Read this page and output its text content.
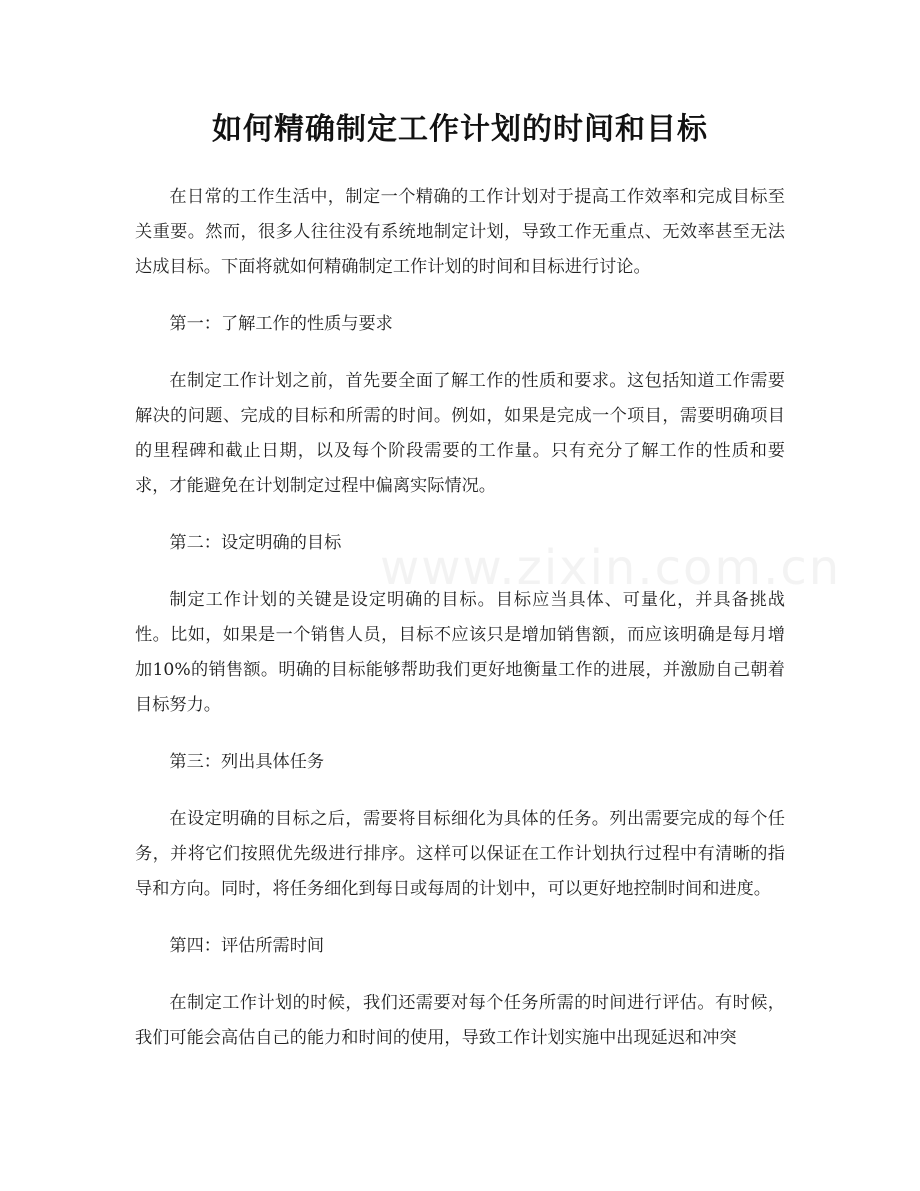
如何精确制定工作计划的时间和目标
www.zixin.com.cn

在日常的工作生活中，制定一个精确的工作计划对于提高工作效率和完成目标至关重要。然而，很多人往往没有系统地制定计划，导致工作无重点、无效率甚至无法达成目标。下面将就如何精确制定工作计划的时间和目标进行讨论。

第一：了解工作的性质与要求

在制定工作计划之前，首先要全面了解工作的性质和要求。这包括知道工作需要解决的问题、完成的目标和所需的时间。例如，如果是完成一个项目，需要明确项目的里程碑和截止日期，以及每个阶段需要的工作量。只有充分了解工作的性质和要求，才能避免在计划制定过程中偏离实际情况。

第二：设定明确的目标

制定工作计划的关键是设定明确的目标。目标应当具体、可量化，并具备挑战性。比如，如果是一个销售人员，目标不应该只是增加销售额，而应该明确是每月增加10%的销售额。明确的目标能够帮助我们更好地衡量工作的进展，并激励自己朝着目标努力。

第三：列出具体任务

在设定明确的目标之后，需要将目标细化为具体的任务。列出需要完成的每个任务，并将它们按照优先级进行排序。这样可以保证在工作计划执行过程中有清晰的指导和方向。同时，将任务细化到每日或每周的计划中，可以更好地控制时间和进度。

第四：评估所需时间

在制定工作计划的时候，我们还需要对每个任务所需的时间进行评估。有时候，我们可能会高估自己的能力和时间的使用，导致工作计划实施中出现延迟和冲突
